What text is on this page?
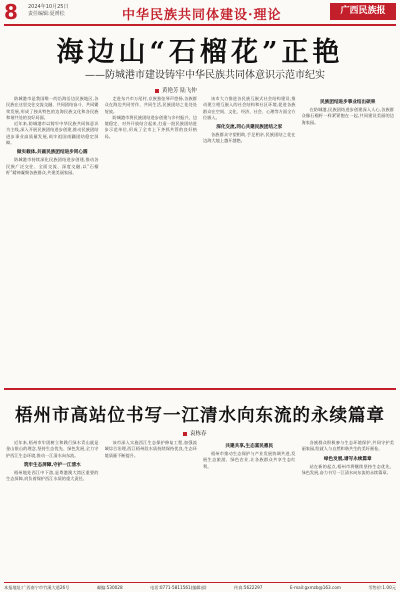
8 2024年10月25日
责任编辑:夏赟松	中华民族共同体建设·理论	广西民族报
海边山“石榴花”正艳
——防城港市建设铸牢中华民族共同体意识示范市纪实
黄艳芳 陆飞仲

防城港市是我国唯一的沿海沿边民族地区,各民族在这里交往交流交融、共同团结奋斗、共同繁荣发展,形成了独具特色的边海民族文化和各民族和谐共处的良好局面。

近年来,防城港市以铸牢中华民族共同体意识为主线,深入开展民族团结进步创建,推动民族团结进步事业高质量发展,筑牢祖国南疆团结稳定屏障。

做实载体,共画民族团结进步同心圆

防城港市持续深化民族团结进步创建,推动各民族广泛交往、全面交流、深度交融,以“石榴籽”精神凝聚各族群众,共建美丽家园。

走进东兴市万尾村,京族独弦琴声悠扬,各族群众在海边共同劳作、共同生活,民族团结之花处处绽放。

防城港市将民族团结进步创建与乡村振兴、边境稳定、对外开放结合起来,打造一批民族团结进步示范单位,形成了全市上下齐抓共管的良好格局。

该市大力推进各民族互嵌式社会结构建设,推动建立相互嵌入的社会结构和社区环境,促进各族群众在空间、文化、经济、社会、心理等方面全方位嵌入。

深化交流,同心共建民族团结之家

各族群众守望相助,手足相亲,民族团结之花在边海大地上越开越艳。

民族团结进步事业结出硕果

在防城港,民族团结进步创建深入人心,各族群众像石榴籽一样紧紧抱在一起,共同建设美丽的边海家园。

梧州市高站位书写一江清水向东流的永续篇章
袁栋春

近年来,梧州市牢固树立和践行绿水青山就是金山银山的理念,坚持生态优先、绿色发展,全力守护西江生态环境,推动一江清水向东流。

筑牢生态屏障,守护一江清水

梧州地处西江中下游,是粤港澳大湾区重要的生态屏障,肩负着保护西江水质的重大责任。

该市深入实施西江生态保护修复工程,加强流域综合治理,西江梧州段水质持续保持优良,生态环境质量不断提升。

共建共享,生态富民惠民

梧州市推动生态保护与产业发展协调共进,发展生态旅游、绿色农业,让各族群众共享生态红利。

各族群众积极参与生态环境保护,共同守护美丽家园,绘就人与自然和谐共生的美好画卷。

绿色发展,谱写永续篇章

站在新的起点,梧州市将继续坚持生态优先、绿色发展,奋力书写一江清水向东流的永续篇章。

本报地址:广西南宁市竹溪大道26号	邮编:530028	电话:0771-5811561(编辑部)	传真:5622297	E-mail:gxmzb@163.com	零售价:1.00元
